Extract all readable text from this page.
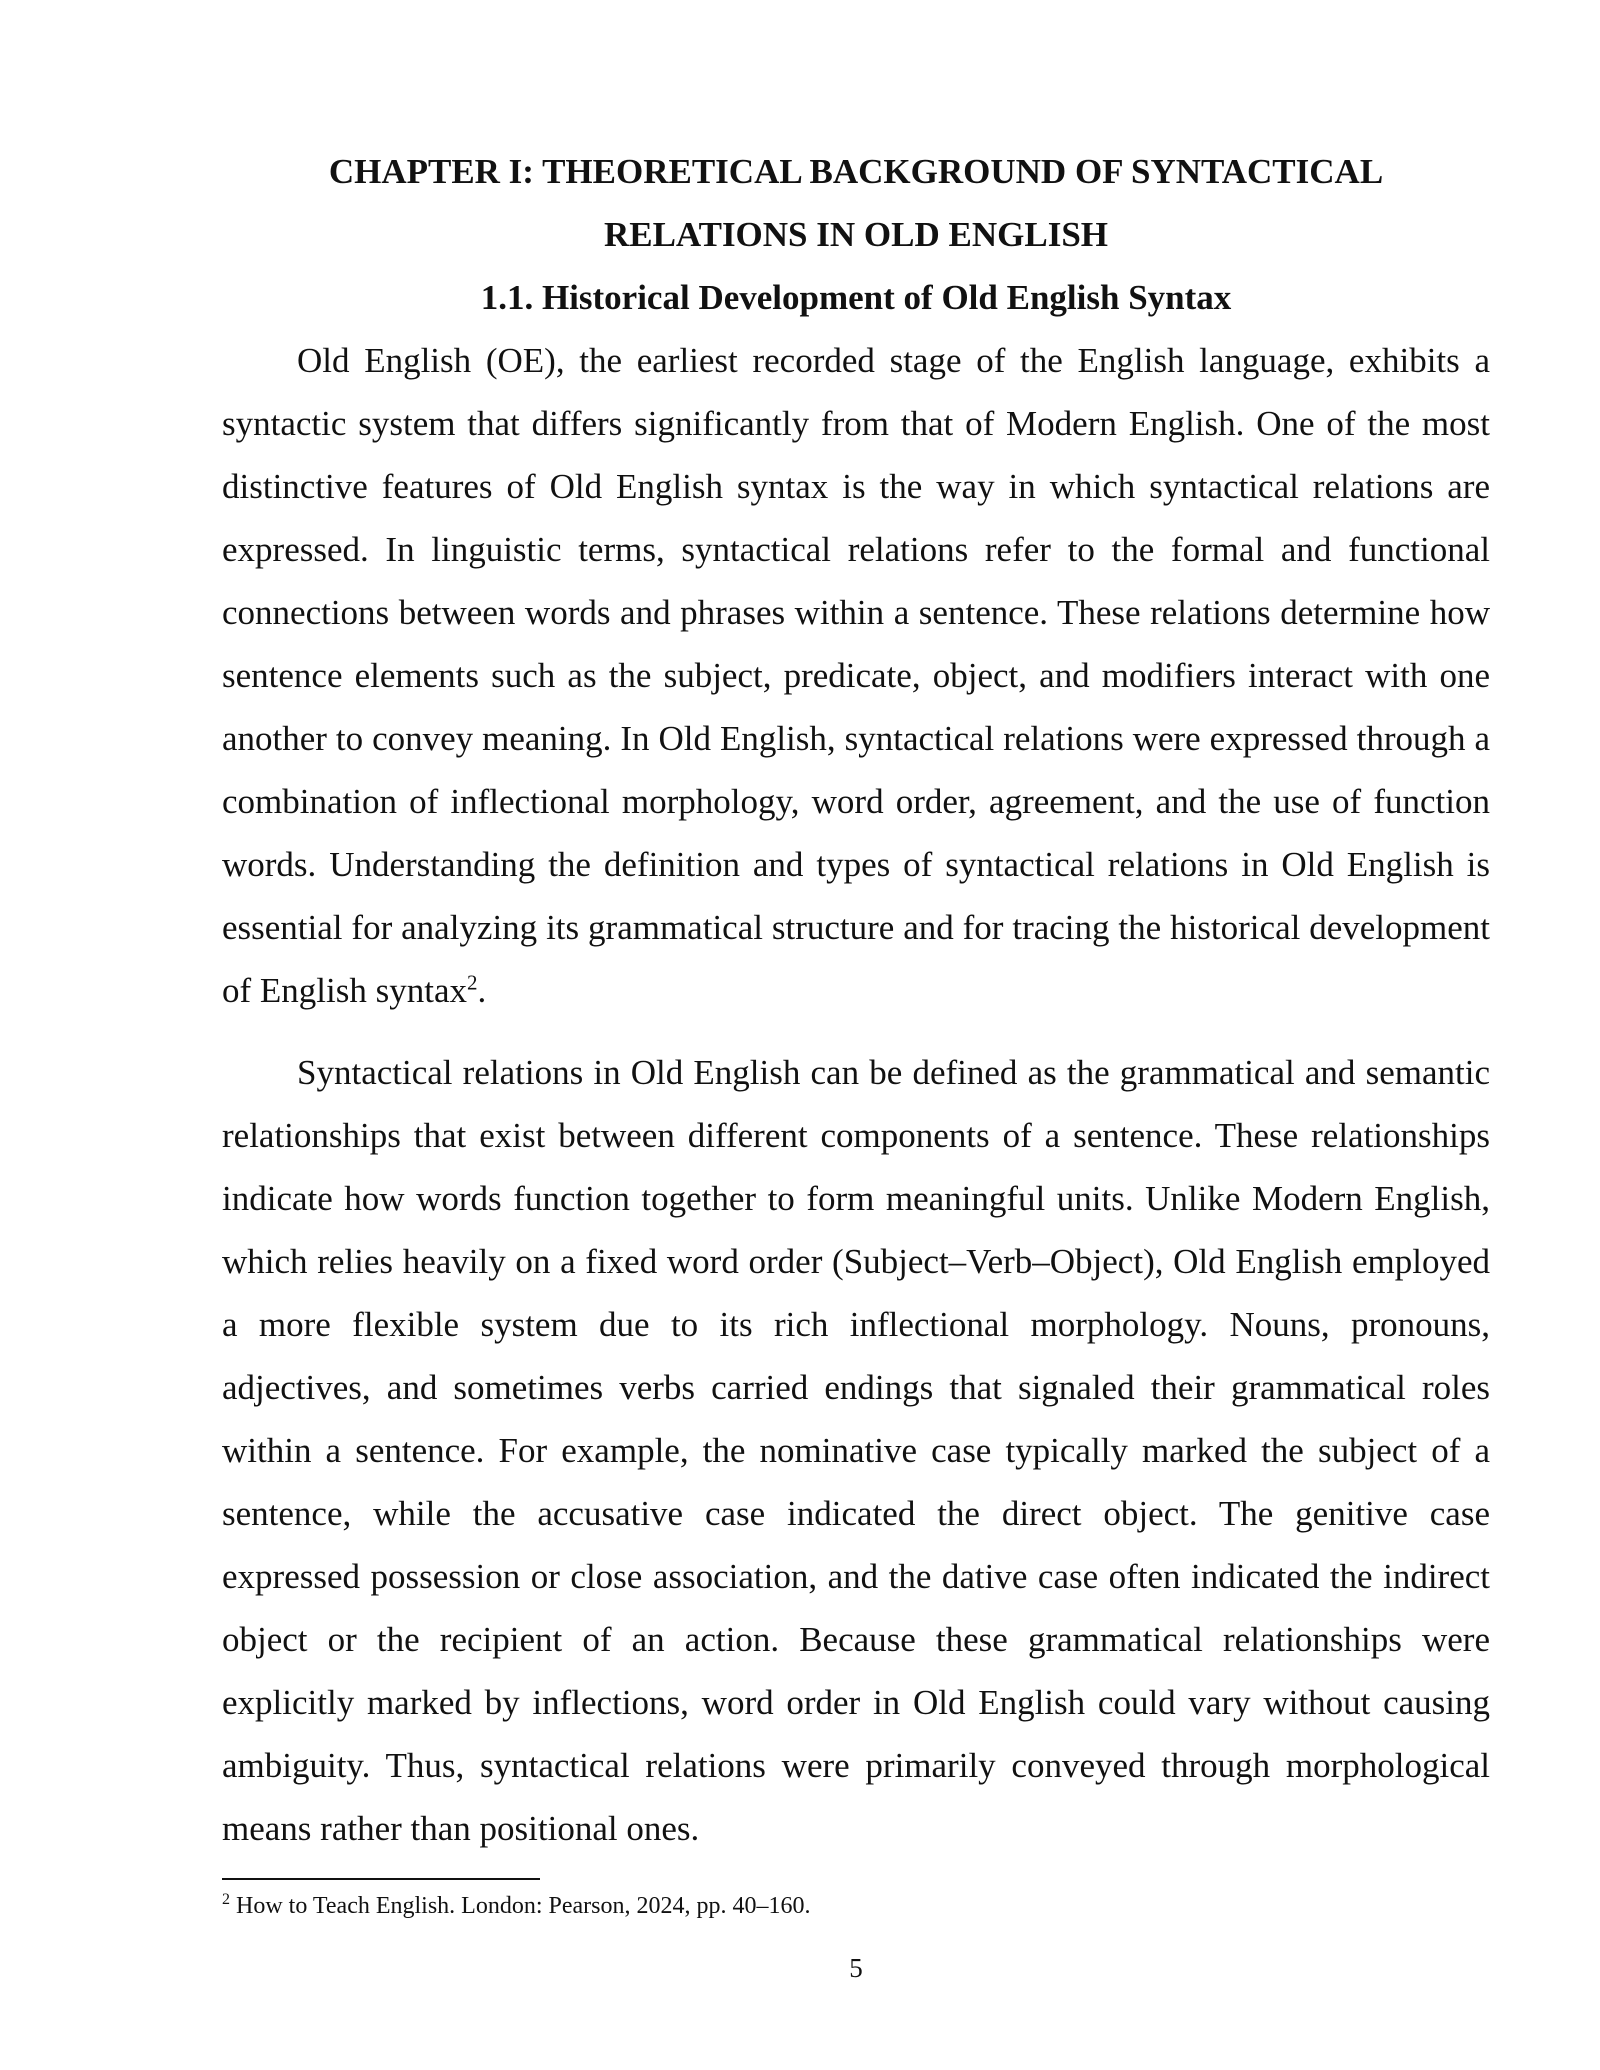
CHAPTER I: THEORETICAL BACKGROUND OF SYNTACTICAL
RELATIONS IN OLD ENGLISH
1.1. Historical Development of Old English Syntax

Old English (OE), the earliest recorded stage of the English language, exhibits a syntactic system that differs significantly from that of Modern English. One of the most distinctive features of Old English syntax is the way in which syntactical relations are expressed. In linguistic terms, syntactical relations refer to the formal and functional connections between words and phrases within a sentence. These relations determine how sentence elements such as the subject, predicate, object, and modifiers interact with one another to convey meaning. In Old English, syntactical relations were expressed through a combination of inflectional morphology, word order, agreement, and the use of function words. Understanding the definition and types of syntactical relations in Old English is essential for analyzing its grammatical structure and for tracing the historical development of English syntax$^2$.

Syntactical relations in Old English can be defined as the grammatical and semantic relationships that exist between different components of a sentence. These relationships indicate how words function together to form meaningful units. Unlike Modern English, which relies heavily on a fixed word order (Subject–Verb–Object), Old English employed a more flexible system due to its rich inflectional morphology. Nouns, pronouns, adjectives, and sometimes verbs carried endings that signaled their grammatical roles within a sentence. For example, the nominative case typically marked the subject of a sentence, while the accusative case indicated the direct object. The genitive case expressed possession or close association, and the dative case often indicated the indirect object or the recipient of an action. Because these grammatical relationships were explicitly marked by inflections, word order in Old English could vary without causing ambiguity. Thus, syntactical relations were primarily conveyed through morphological means rather than positional ones.

$^2$ How to Teach English. London: Pearson, 2024, pp. 40–160.

5
